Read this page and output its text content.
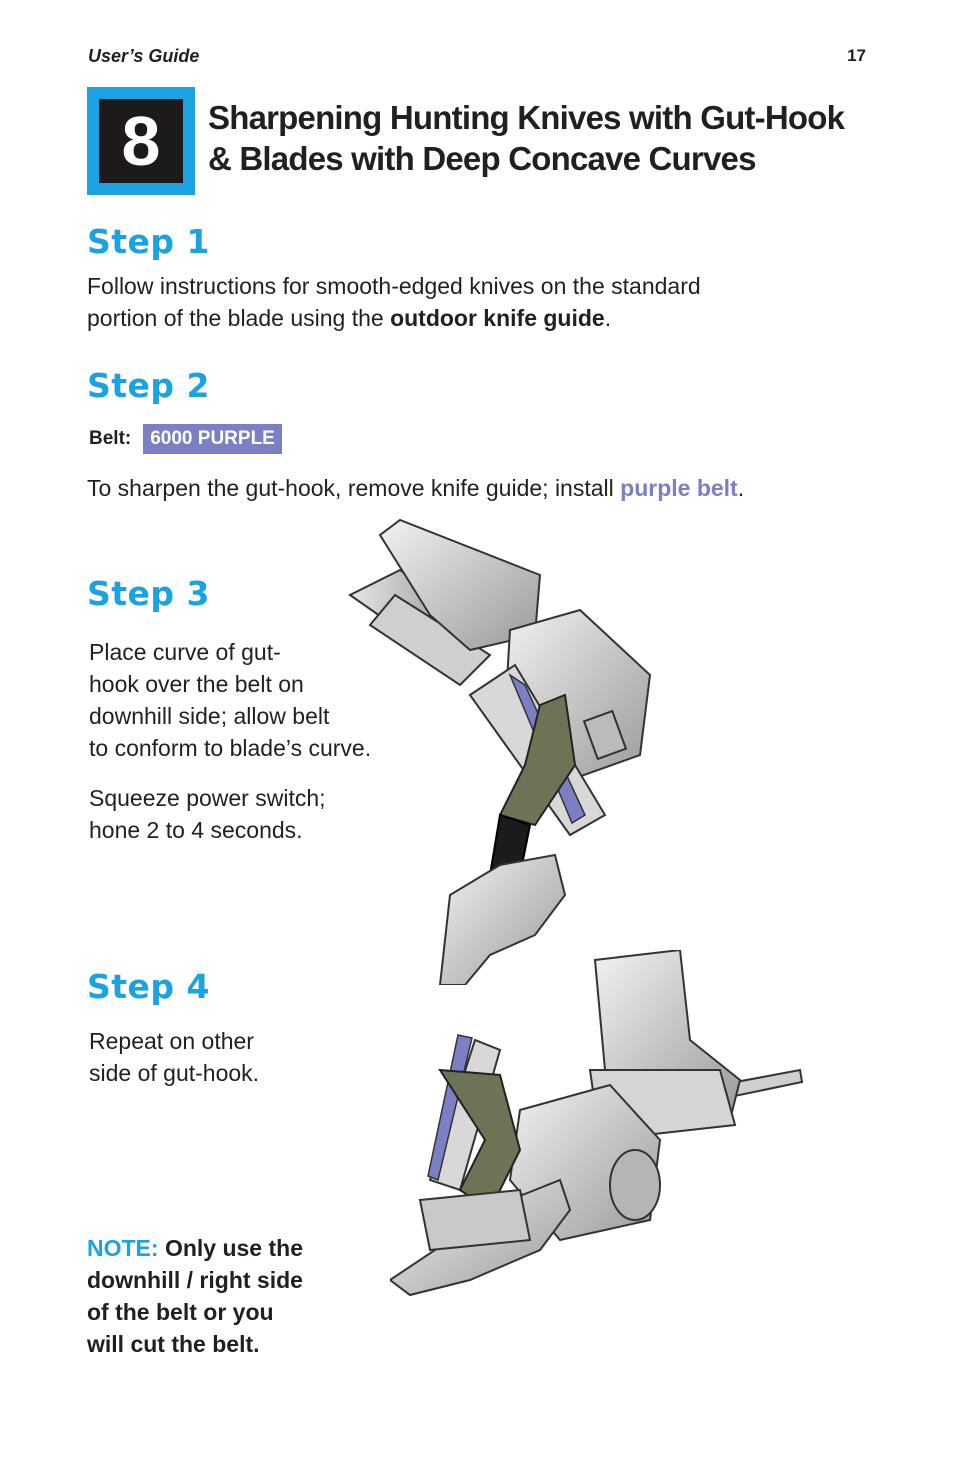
User’s Guide	17
8	Sharpening Hunting Knives with Gut-Hook
& Blades with Deep Concave Curves
Step 1
Follow instructions for smooth-edged knives on the standard
portion of the blade using the outdoor knife guide.
Step 2
Belt:	6000 PURPLE
To sharpen the gut-hook, remove knife guide; install purple belt.
Step 3
Place curve of gut-
hook over the belt on
downhill side; allow belt
to conform to blade’s curve.
Squeeze power switch;
hone 2 to 4 seconds.
Step 4
Repeat on other
side of gut-hook.
NOTE: Only use the
downhill / right side
of the belt or you
will cut the belt.
